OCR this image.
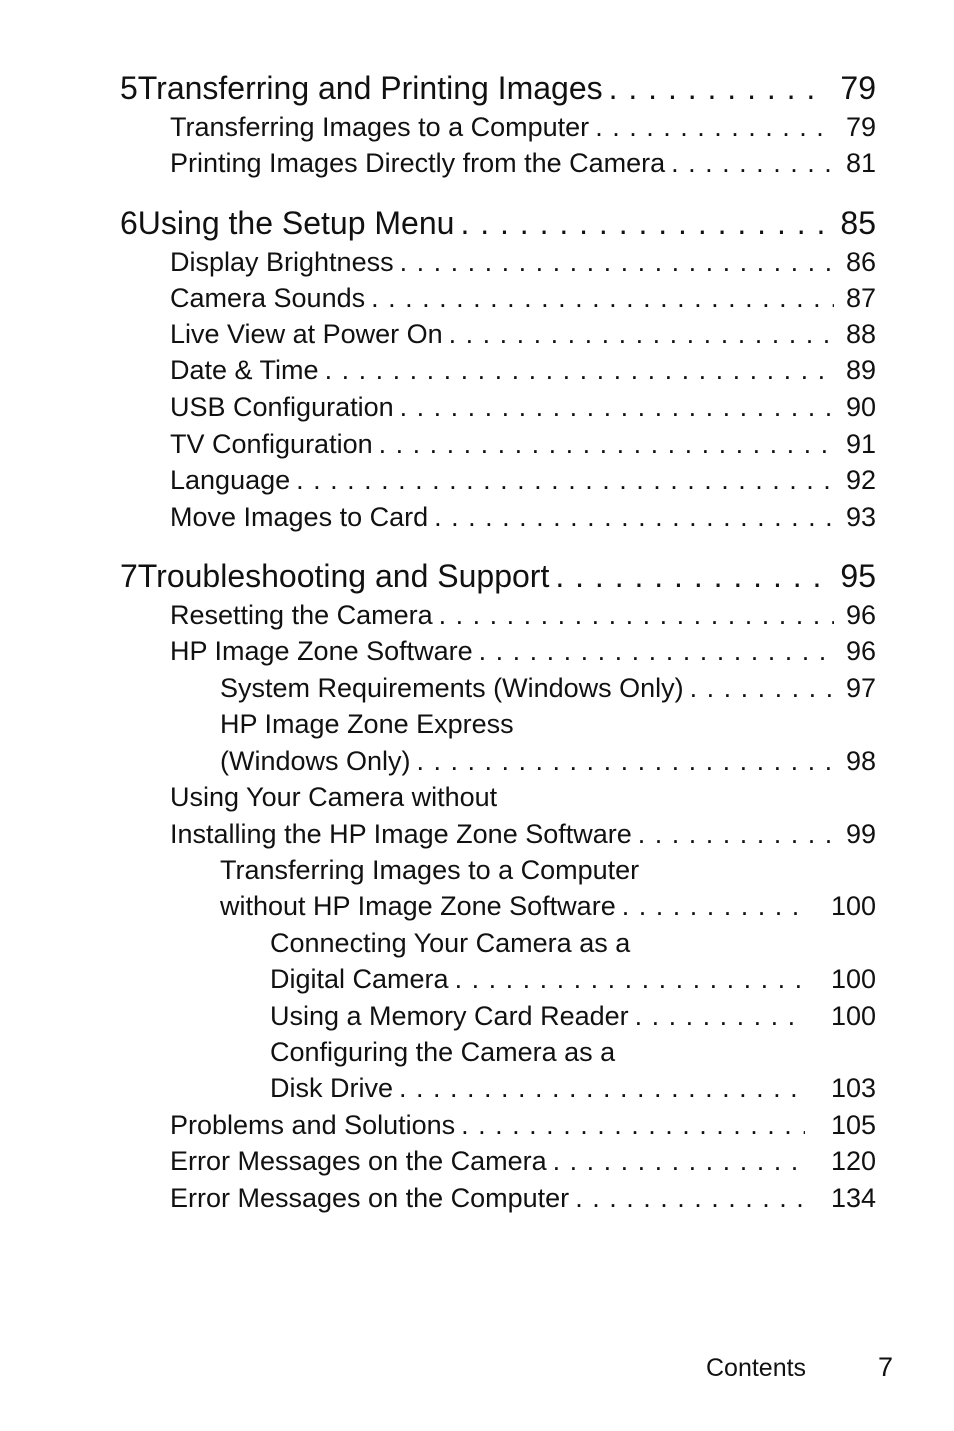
5 Transferring and Printing Images . . .	79
Transferring Images to a Computer . . .	79
Printing Images Directly from the Camera . . .	81
6 Using the Setup Menu . . .	85
Display Brightness . . .	86
Camera Sounds . . .	87
Live View at Power On . . .	88
Date & Time . . .	89
USB Configuration . . .	90
TV Configuration . . .	91
Language . . .	92
Move Images to Card . . .	93
7 Troubleshooting and Support . . .	95
Resetting the Camera . . .	96
HP Image Zone Software . . .	96
System Requirements (Windows Only) . . .	97
HP Image Zone Express
(Windows Only) . . .	98
Using Your Camera without
Installing the HP Image Zone Software . . .	99
Transferring Images to a Computer
without HP Image Zone Software . . .	100
Connecting Your Camera as a
Digital Camera . . .	100
Using a Memory Card Reader . . .	100
Configuring the Camera as a
Disk Drive . . .	103
Problems and Solutions . . .	105
Error Messages on the Camera . . .	120
Error Messages on the Computer . . .	134
Contents	7
